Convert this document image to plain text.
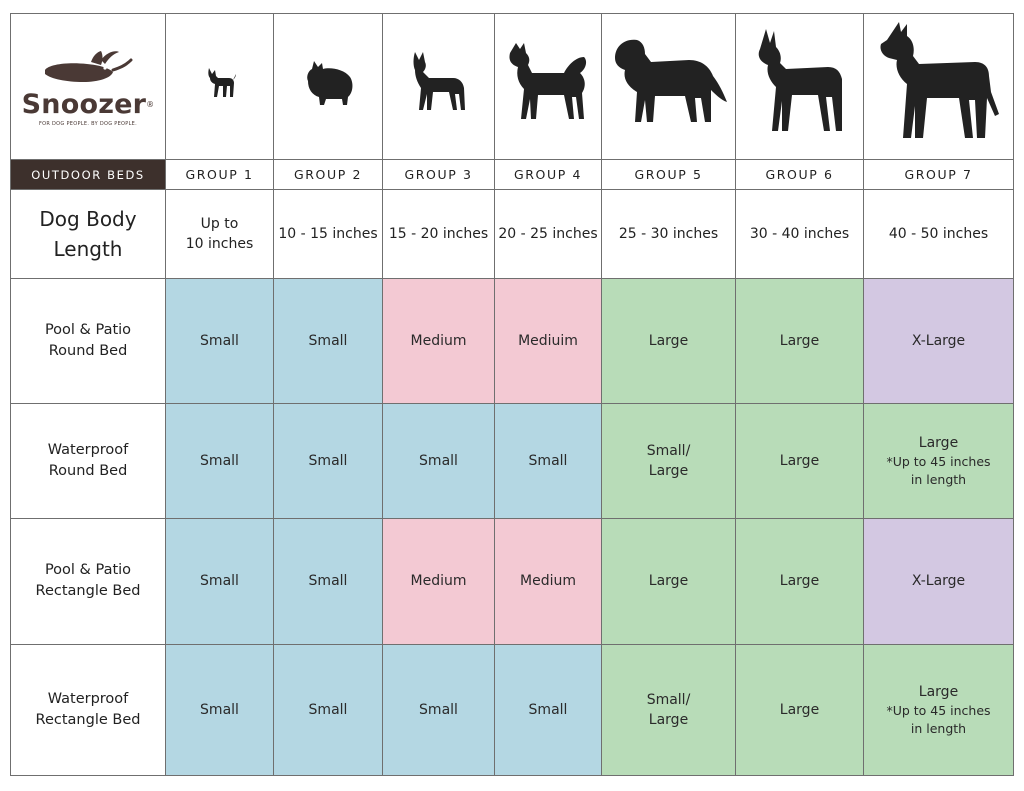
Snoozer®
FOR DOG PEOPLE. BY DOG PEOPLE.

OUTDOOR BEDS	GROUP 1	GROUP 2	GROUP 3	GROUP 4	GROUP 5	GROUP 6	GROUP 7

Dog Body
Length	Up to
10 inches	10 - 15 inches	15 - 20 inches	20 - 25 inches	25 - 30 inches	30 - 40 inches	40 - 50 inches

Pool & Patio
Round Bed	Small	Small	Medium	Mediuim	Large	Large	X-Large

Waterproof
Round Bed	Small	Small	Small	Small	Small/
Large	Large	Large
*Up to 45 inches
in length

Pool & Patio
Rectangle Bed	Small	Small	Medium	Medium	Large	Large	X-Large

Waterproof
Rectangle Bed	Small	Small	Small	Small	Small/
Large	Large	Large
*Up to 45 inches
in length
